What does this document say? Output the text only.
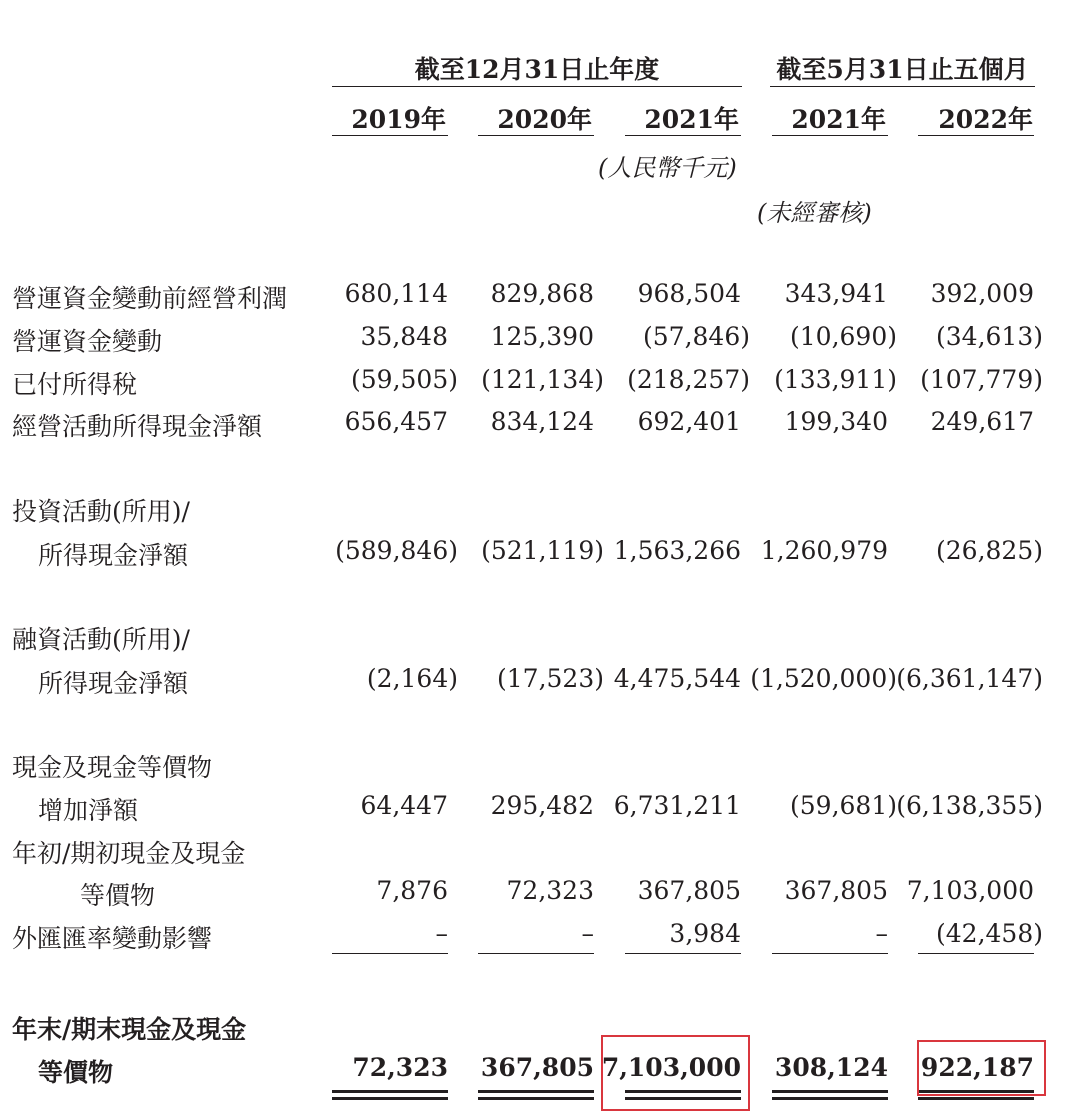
截至12月31日止年度	截至5月31日止五個月
2019年 2020年 2021年 2021年 2022年
(人民幣千元)
(未經審核)
營運資金變動前經營利潤 680,114 829,868 968,504 343,941 392,009
營運資金變動	35,848 125,390 (57,846) (10,690) (34,613)
已付所得稅	(59,505) (121,134) (218,257) (133,911) (107,779)
經營活動所得現金淨額	656,457 834,124 692,401 199,340 249,617
投資活動(所用)/
所得現金淨額	(589,846) (521,119) 1,563,266 1,260,979 (26,825)
融資活動(所用)/
所得現金淨額	(2,164) (17,523) 4,475,544 (1,520,000) (6,361,147)
現金及現金等價物
增加淨額	64,447 295,482 6,731,211 (59,681) (6,138,355)
年初/期初現金及現金
等價物	7,876 72,323 367,805 367,805 7,103,000
外匯匯率變動影響	–	–	3,984	– (42,458)
年末/期末現金及現金
等價物	72,323 367,805 7,103,000 308,124 922,187
